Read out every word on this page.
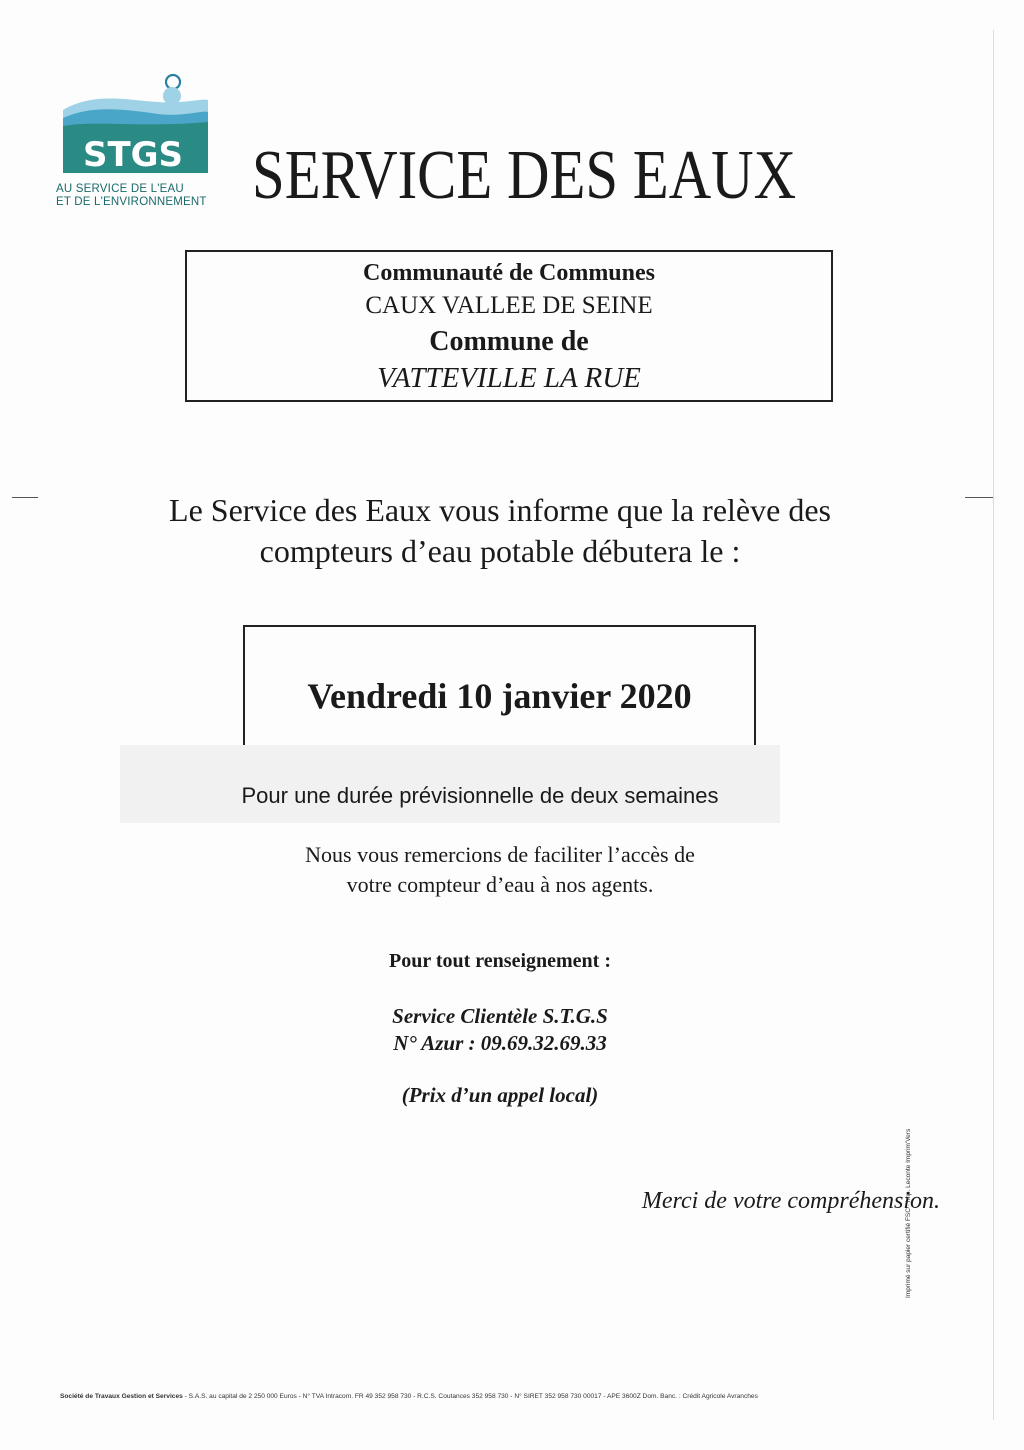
STGS
AU SERVICE DE L'EAU
ET DE L'ENVIRONNEMENT SERVICE DES EAUX
Communauté de Communes
CAUX VALLEE DE SEINE
Commune de
VATTEVILLE LA RUE
Le Service des Eaux vous informe que la relève des
compteurs d’eau potable débutera le :
Vendredi 10 janvier 2020
Pour une durée prévisionnelle de deux semaines
Nous vous remercions de faciliter l’accès de
votre compteur d’eau à nos agents.
Pour tout renseignement :
Service Clientèle S.T.G.S
N° Azur : 09.69.32.69.33
(Prix d’un appel local)
Merci de votre compréhension.
Société de Travaux Gestion et Services - S.A.S. au capital de 2 250 000 Euros - N° TVA Intracom. FR 49 352 958 730 - R.C.S. Coutances 352 958 730 - N° SIRET 352 958 730 00017 - APE 3600Z Dom. Banc. : Crédit Agricole Avranches
Imprimé sur papier certifié FSC · Imp. Leconte Imprim'Vers
